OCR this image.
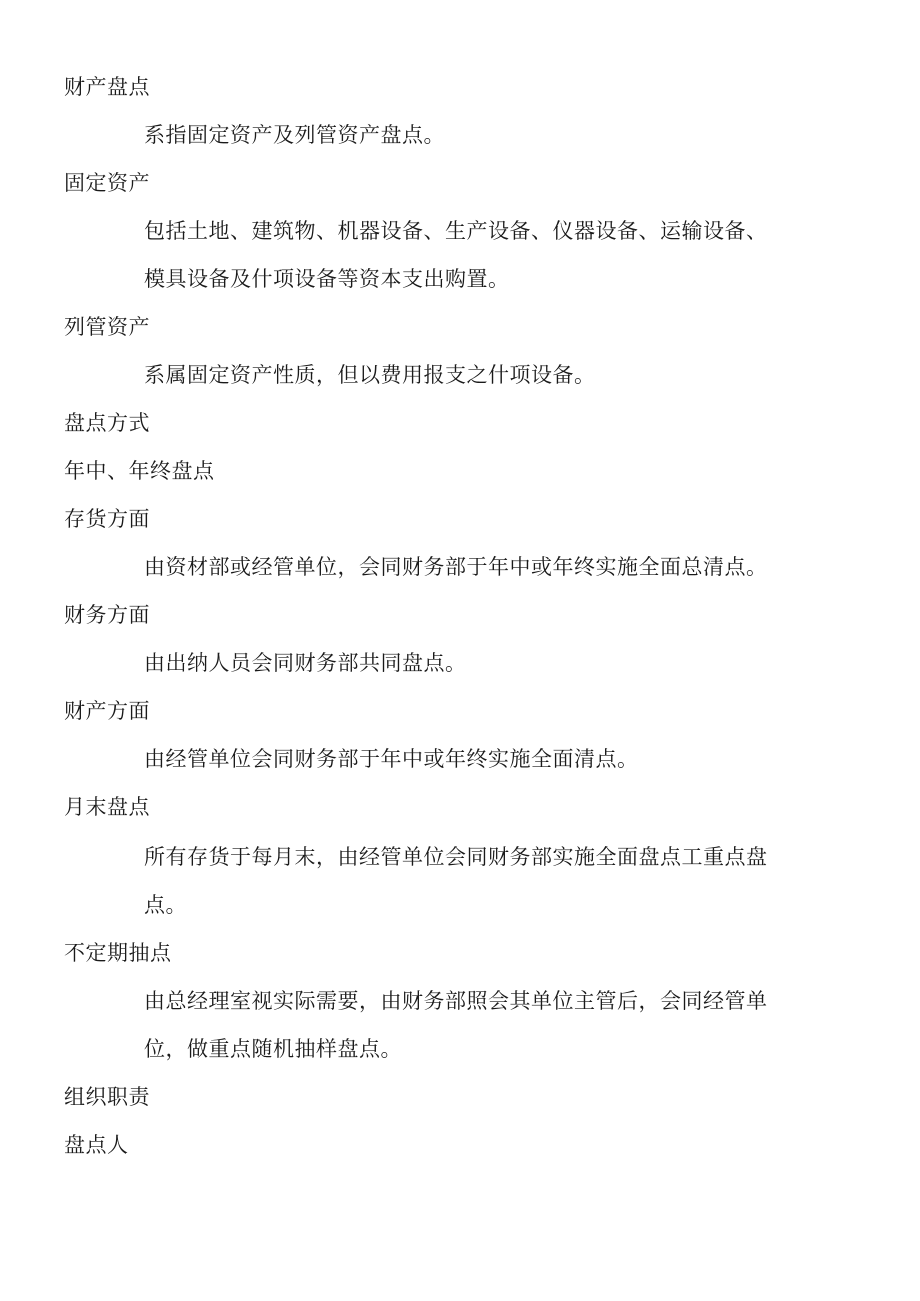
财产盘点
系指固定资产及列管资产盘点。
固定资产
包括土地、建筑物、机器设备、生产设备、仪器设备、运输设备、
模具设备及什项设备等资本支出购置。
列管资产
系属固定资产性质，但以费用报支之什项设备。
盘点方式
年中、年终盘点
存货方面
由资材部或经管单位，会同财务部于年中或年终实施全面总清点。
财务方面
由出纳人员会同财务部共同盘点。
财产方面
由经管单位会同财务部于年中或年终实施全面清点。
月末盘点
所有存货于每月末，由经管单位会同财务部实施全面盘点工重点盘
点。
不定期抽点
由总经理室视实际需要，由财务部照会其单位主管后，会同经管单
位，做重点随机抽样盘点。
组织职责
盘点人
